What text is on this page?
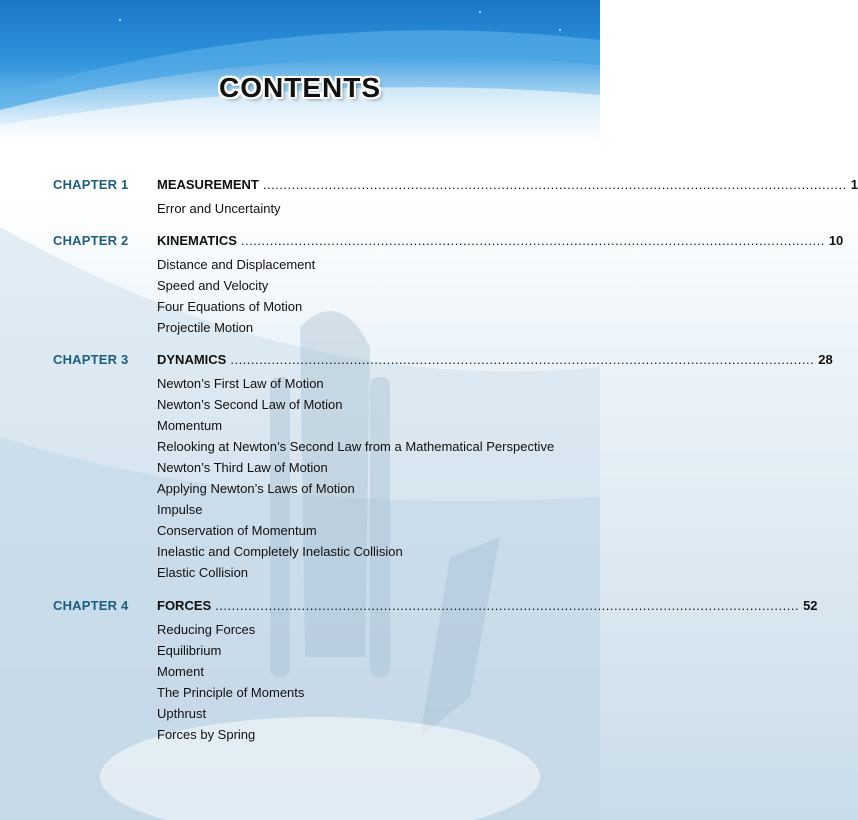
CONTENTS
CHAPTER 1 MEASUREMENT .............................................................................................................................................. 1
Error and Uncertainty
CHAPTER 2 KINEMATICS .............................................................................................................................................. 10
Distance and Displacement
Speed and Velocity
Four Equations of Motion
Projectile Motion
CHAPTER 3 DYNAMICS .............................................................................................................................................. 28
Newton’s First Law of Motion
Newton’s Second Law of Motion
Momentum
Relooking at Newton’s Second Law from a Mathematical Perspective
Newton’s Third Law of Motion
Applying Newton’s Laws of Motion
Impulse
Conservation of Momentum
Inelastic and Completely Inelastic Collision
Elastic Collision
CHAPTER 4 FORCES .............................................................................................................................................. 52
Reducing Forces
Equilibrium
Moment
The Principle of Moments
Upthrust
Forces by Spring
